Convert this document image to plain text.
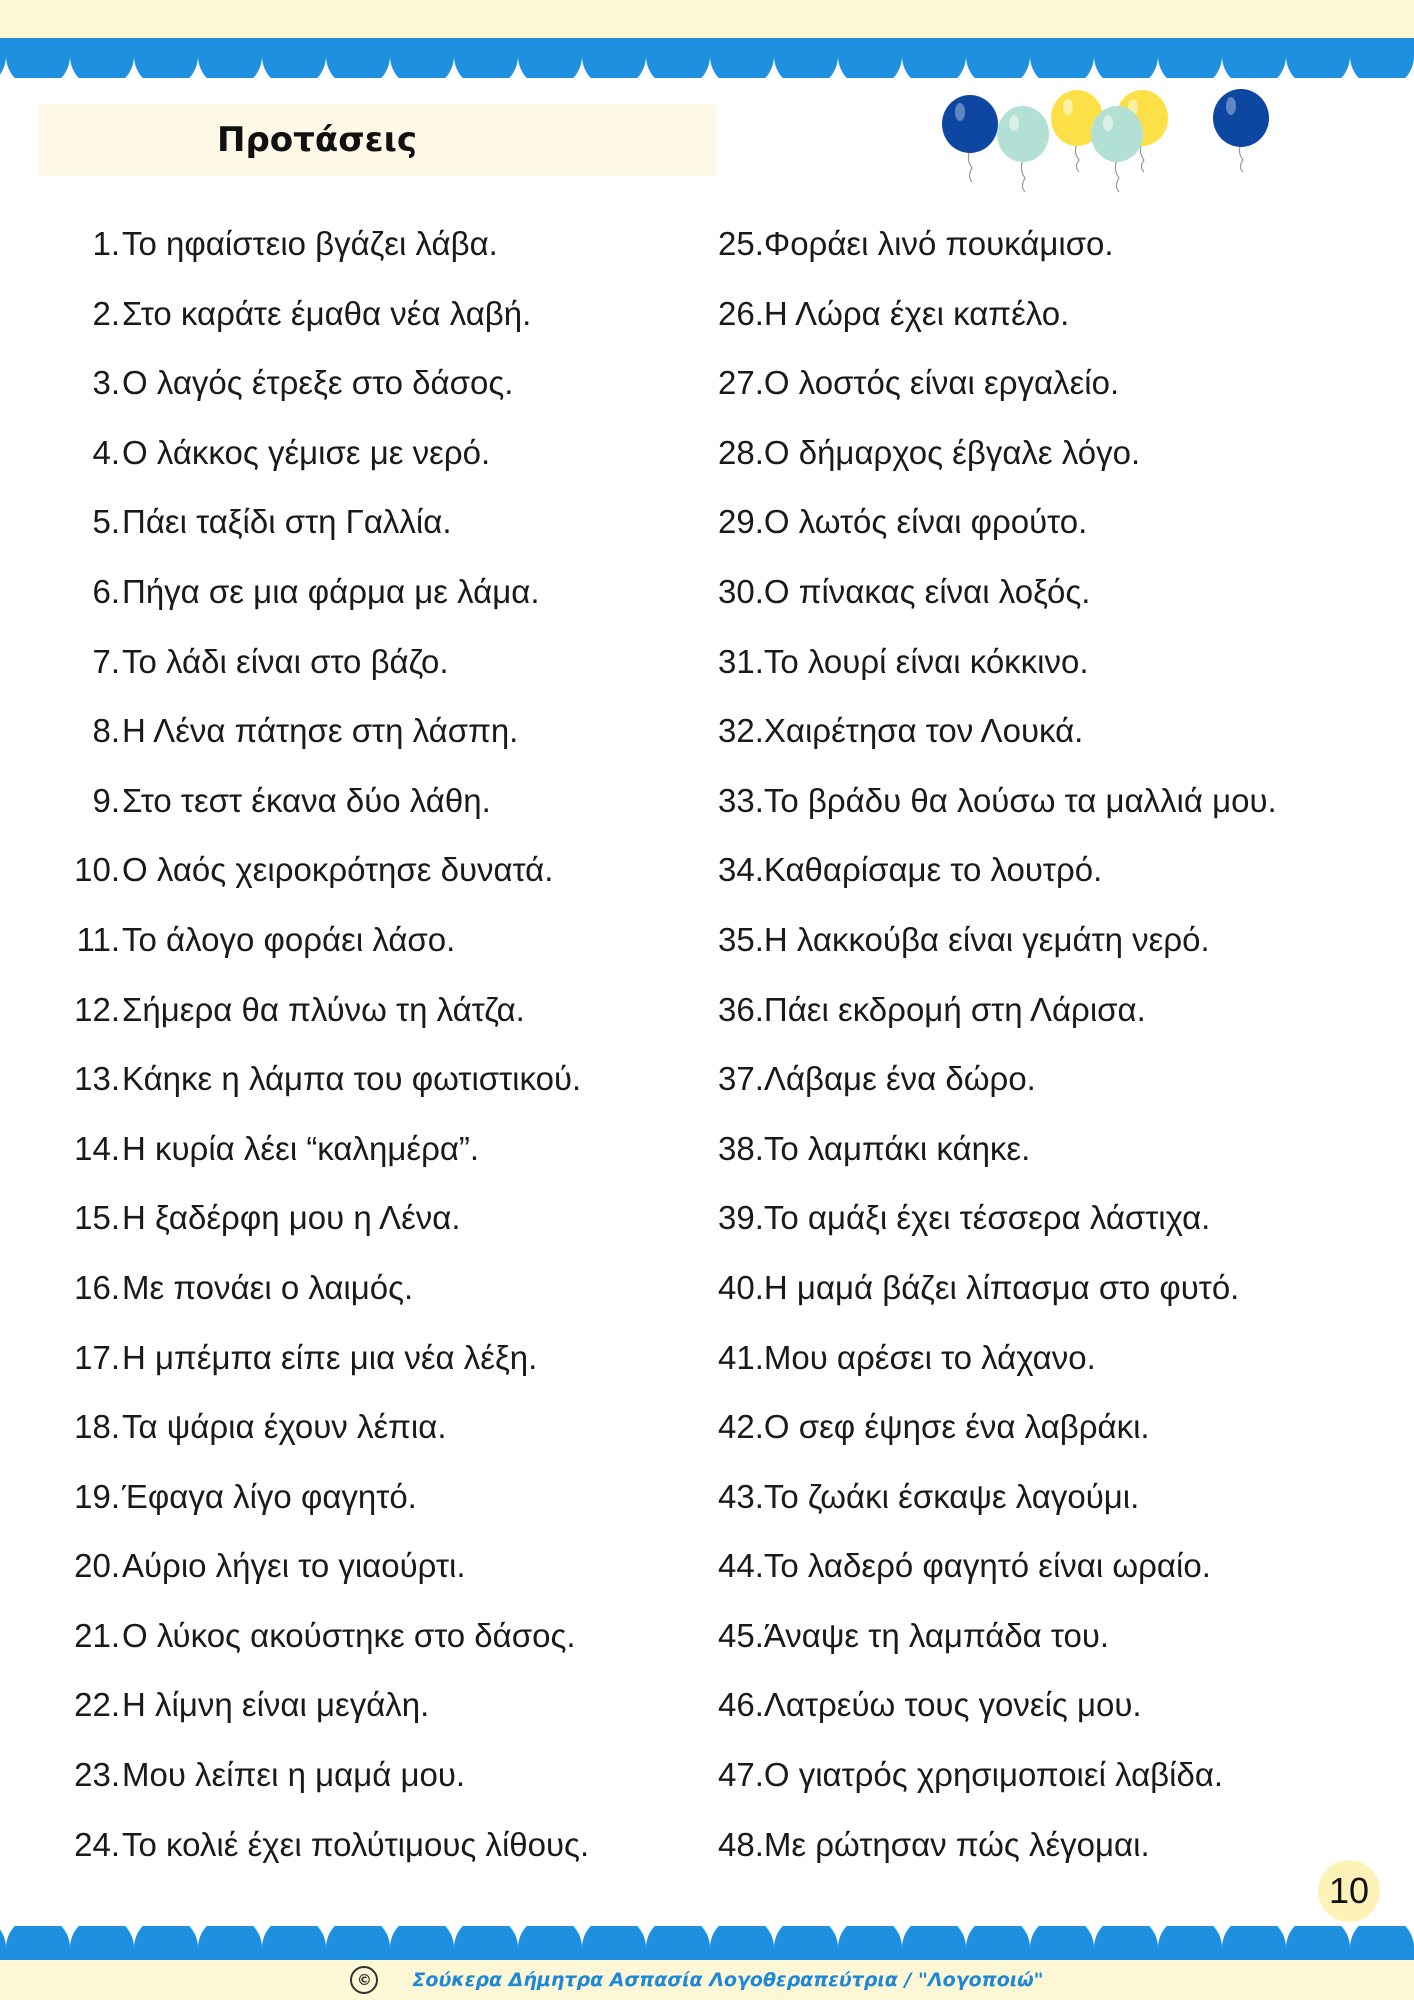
Προτάσεις
1. Το ηφαίστειο βγάζει λάβα.
2. Στο καράτε έμαθα νέα λαβή.
3. Ο λαγός έτρεξε στο δάσος.
4. Ο λάκκος γέμισε με νερό.
5. Πάει ταξίδι στη Γαλλία.
6. Πήγα σε μια φάρμα με λάμα.
7. Το λάδι είναι στο βάζο.
8. Η Λένα πάτησε στη λάσπη.
9. Στο τεστ έκανα δύο λάθη.
10. Ο λαός χειροκρότησε δυνατά.
11. Το άλογο φοράει λάσο.
12. Σήμερα θα πλύνω τη λάτζα.
13. Κάηκε η λάμπα του φωτιστικού.
14. Η κυρία λέει “καλημέρα”.
15. Η ξαδέρφη μου η Λένα.
16. Με πονάει ο λαιμός.
17. Η μπέμπα είπε μια νέα λέξη.
18. Τα ψάρια έχουν λέπια.
19. Έφαγα λίγο φαγητό.
20. Αύριο λήγει το γιαούρτι.
21. Ο λύκος ακούστηκε στο δάσος.
22. Η λίμνη είναι μεγάλη.
23. Μου λείπει η μαμά μου.
24. Το κολιέ έχει πολύτιμους λίθους.
25. Φοράει λινό πουκάμισο.
26. Η Λώρα έχει καπέλο.
27. Ο λοστός είναι εργαλείο.
28. Ο δήμαρχος έβγαλε λόγο.
29. Ο λωτός είναι φρούτο.
30. Ο πίνακας είναι λοξός.
31. Το λουρί είναι κόκκινο.
32. Χαιρέτησα τον Λουκά.
33. Το βράδυ θα λούσω τα μαλλιά μου.
34. Καθαρίσαμε το λουτρό.
35. Η λακκούβα είναι γεμάτη νερό.
36. Πάει εκδρομή στη Λάρισα.
37. Λάβαμε ένα δώρο.
38. Το λαμπάκι κάηκε.
39. Το αμάξι έχει τέσσερα λάστιχα.
40. Η μαμά βάζει λίπασμα στο φυτό.
41. Μου αρέσει το λάχανο.
42. Ο σεφ έψησε ένα λαβράκι.
43. Το ζωάκι έσκαψε λαγούμι.
44. Το λαδερό φαγητό είναι ωραίο.
45. Άναψε τη λαμπάδα του.
46. Λατρεύω τους γονείς μου.
47. Ο γιατρός χρησιμοποιεί λαβίδα.
48. Με ρώτησαν πώς λέγομαι.
10
©	Σούκερα Δήμητρα Ασπασία Λογοθεραπεύτρια / "Λογοποιώ"
